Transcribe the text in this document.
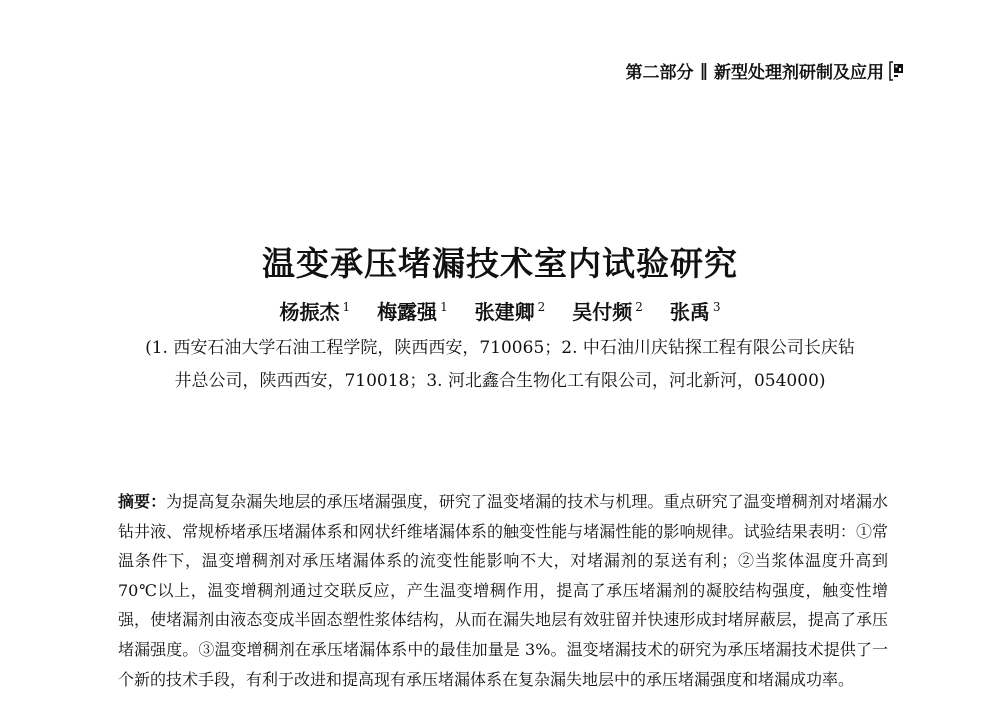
第二部分 ‖ 新型处理剂研制及应用
温变承压堵漏技术室内试验研究
杨振杰 $^1$ 梅露强 $^1$ 张建卿 $^2$ 吴付频 $^2$ 张禹 $^3$
(1. 西安石油大学石油工程学院，陕西西安，710065；2. 中石油川庆钻探工程有限公司长庆钻
井总公司，陕西西安，710018；3. 河北鑫合生物化工有限公司，河北新河，054000)
摘要：为提高复杂漏失地层的承压堵漏强度，研究了温变堵漏的技术与机理。重点研究了温变增稠剂对堵漏水钻井液、常规桥堵承压堵漏体系和网状纤维堵漏体系的触变性能与堵漏性能的影响规律。试验结果表明：①常温条件下，温变增稠剂对承压堵漏体系的流变性能影响不大，对堵漏剂的泵送有利；②当浆体温度升高到 70℃以上，温变增稠剂通过交联反应，产生温变增稠作用，提高了承压堵漏剂的凝胶结构强度，触变性增强，使堵漏剂由液态变成半固态塑性浆体结构，从而在漏失地层有效驻留并快速形成封堵屏蔽层，提高了承压堵漏强度。③温变增稠剂在承压堵漏体系中的最佳加量是 3%。温变堵漏技术的研究为承压堵漏技术提供了一个新的技术手段，有利于改进和提高现有承压堵漏体系在复杂漏失地层中的承压堵漏强度和堵漏成功率。
